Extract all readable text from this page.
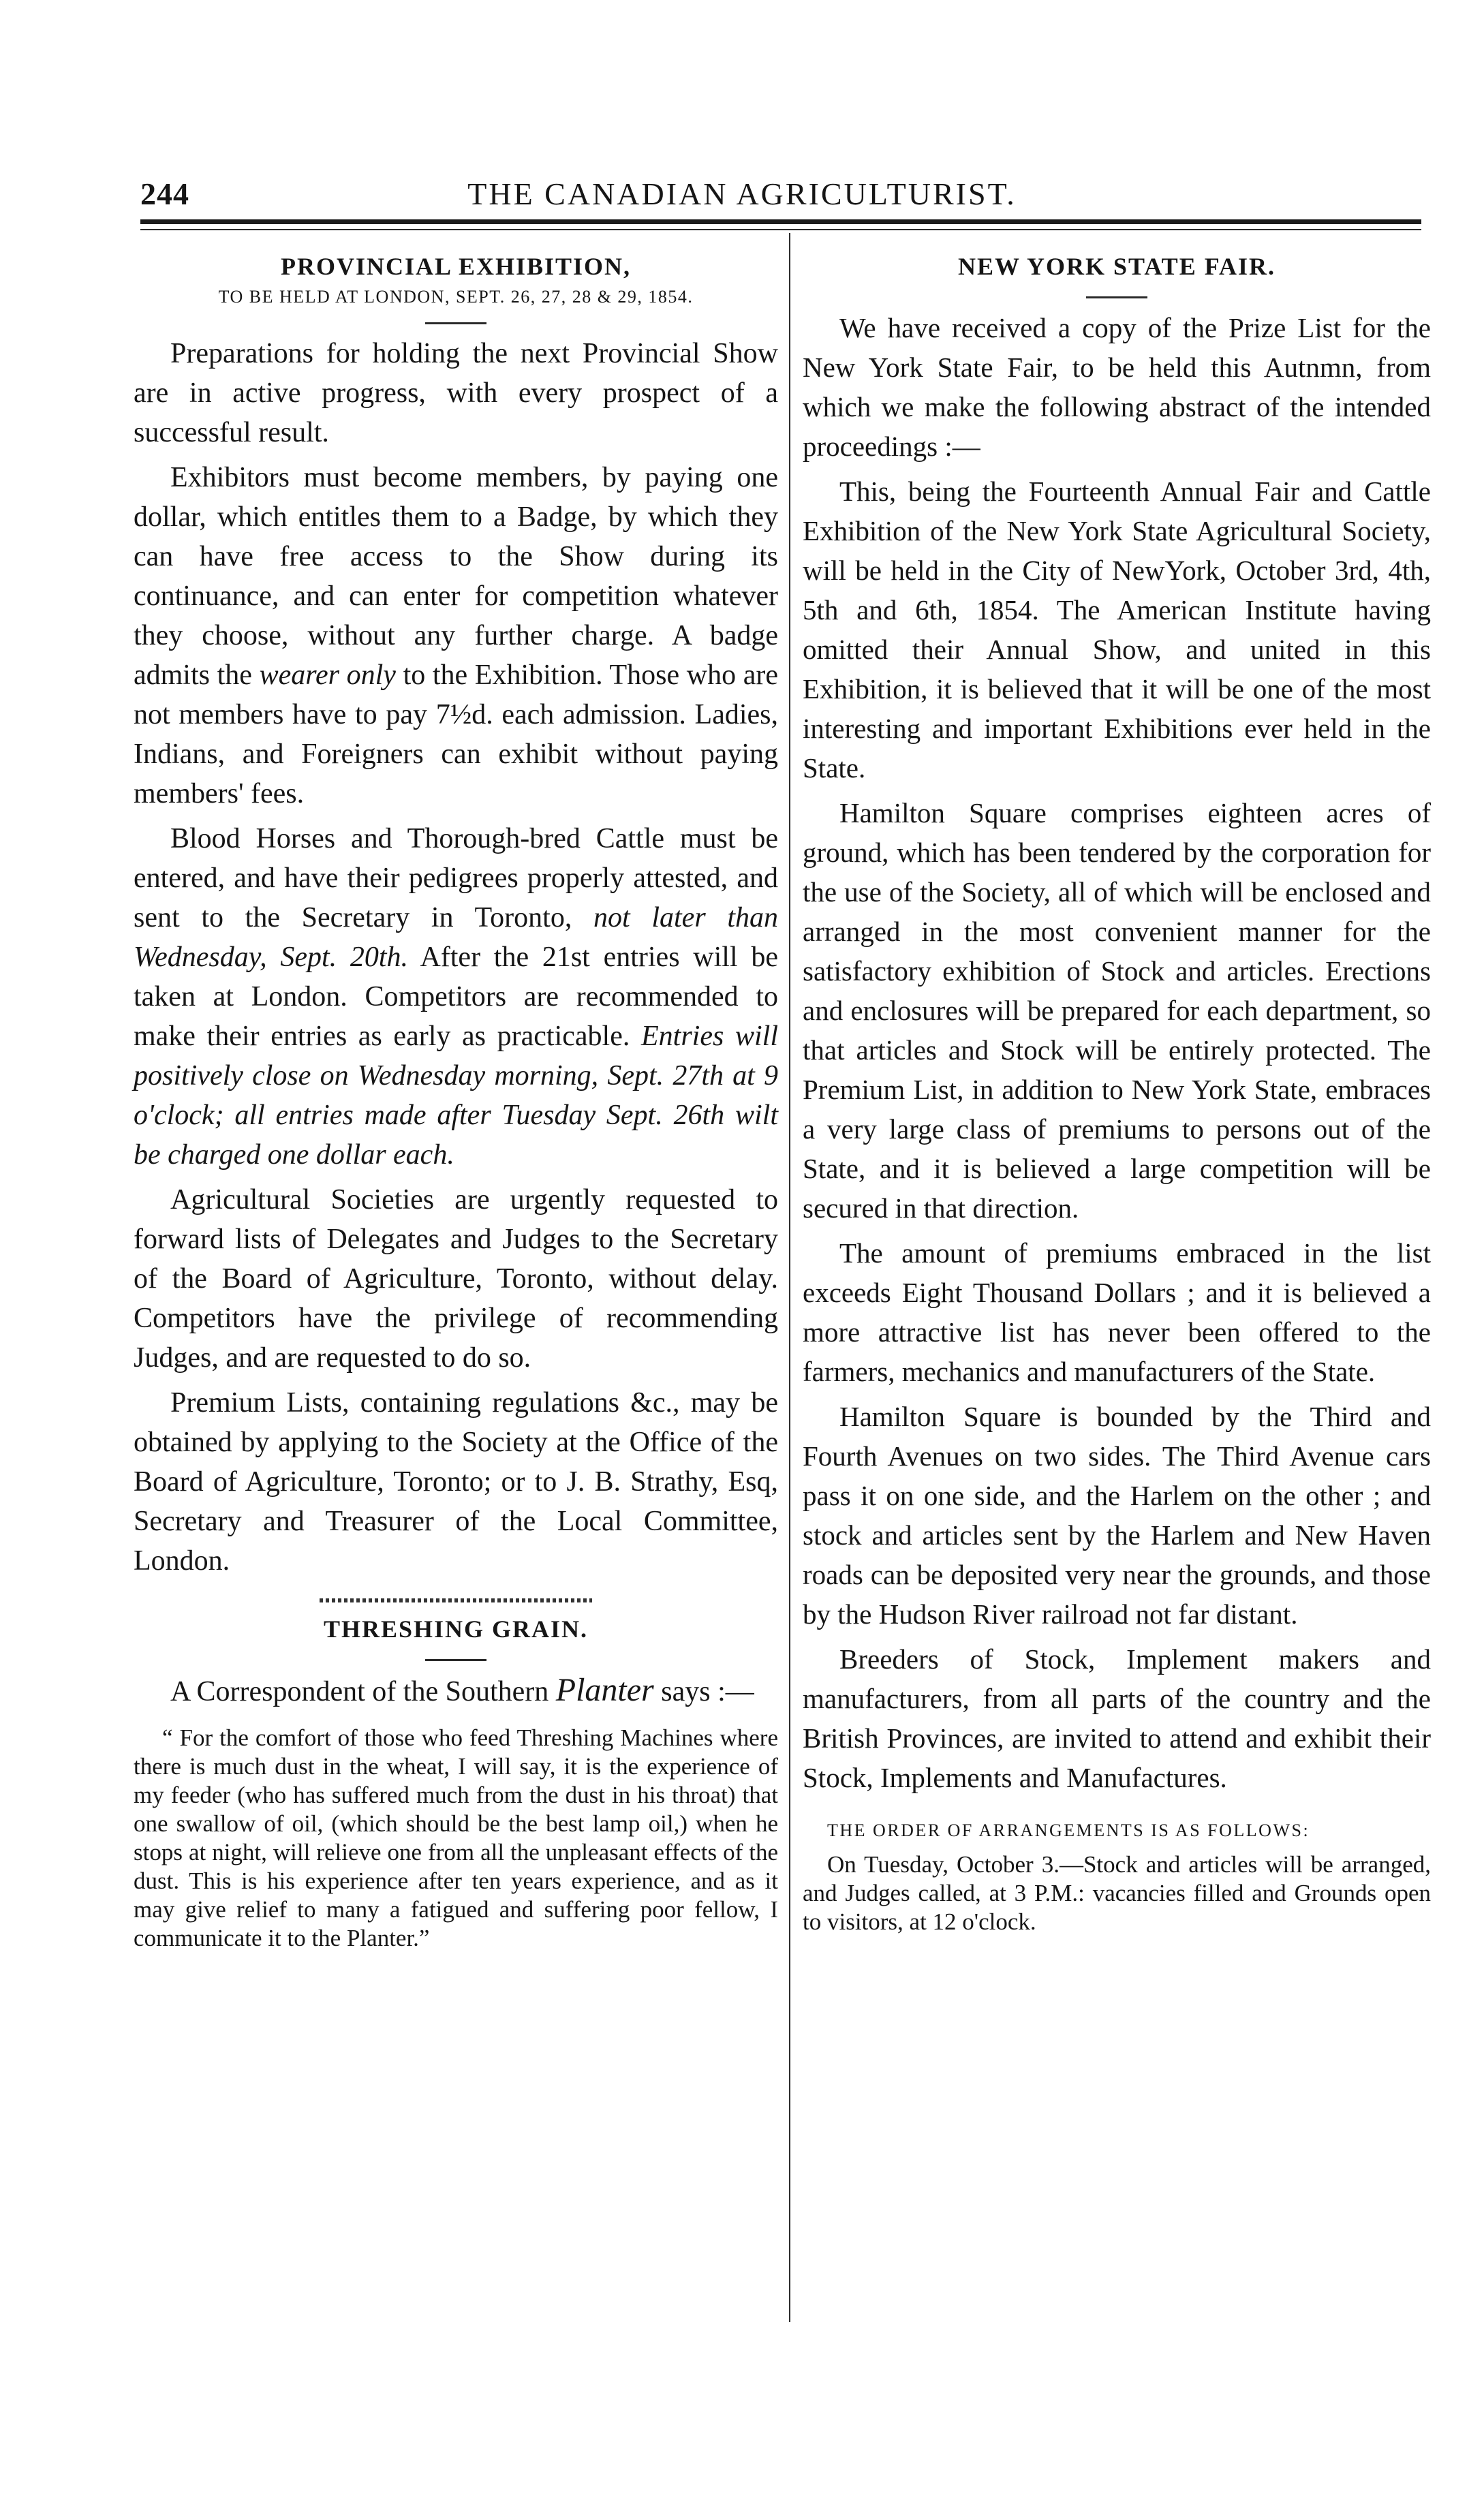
244	THE CANADIAN AGRICULTURIST.
PROVINCIAL EXHIBITION,
TO BE HELD AT LONDON, SEPT. 26, 27, 28 & 29, 1854.

Preparations for holding the next Provincial Show are in active progress, with every prospect of a successful result.

Exhibitors must become members, by paying one dollar, which entitles them to a Badge, by which they can have free access to the Show during its continuance, and can enter for competition whatever they choose, without any further charge. A badge admits the wearer only to the Exhibition. Those who are not members have to pay 7½d. each admission. Ladies, Indians, and Foreigners can exhibit without paying members' fees.

Blood Horses and Thorough-bred Cattle must be entered, and have their pedigrees properly attested, and sent to the Secretary in Toronto, not later than Wednesday, Sept. 20th. After the 21st entries will be taken at London. Competitors are recommended to make their entries as early as practicable. Entries will positively close on Wednesday morning, Sept. 27th at 9 o'clock; all entries made after Tuesday Sept. 26th wilt be charged one dollar each.

Agricultural Societies are urgently requested to forward lists of Delegates and Judges to the Secretary of the Board of Agriculture, Toronto, without delay. Competitors have the privilege of recommending Judges, and are requested to do so.

Premium Lists, containing regulations &c., may be obtained by applying to the Society at the Office of the Board of Agriculture, Toronto; or to J. B. Strathy, Esq, Secretary and Treasurer of the Local Committee, London.

THRESHING GRAIN.

A Correspondent of the Southern Planter says :—

“ For the comfort of those who feed Threshing Machines where there is much dust in the wheat, I will say, it is the experience of my feeder (who has suffered much from the dust in his throat) that one swallow of oil, (which should be the best lamp oil,) when he stops at night, will relieve one from all the unpleasant effects of the dust. This is his experience after ten years experience, and as it may give relief to many a fatigued and suffering poor fellow, I communicate it to the Planter.”

NEW YORK STATE FAIR.

We have received a copy of the Prize List for the New York State Fair, to be held this Autnmn, from which we make the following abstract of the intended proceedings :—

This, being the Fourteenth Annual Fair and Cattle Exhibition of the New York State Agricultural Society, will be held in the City of NewYork, October 3rd, 4th, 5th and 6th, 1854. The American Institute having omitted their Annual Show, and united in this Exhibition, it is believed that it will be one of the most interesting and important Exhibitions ever held in the State.

Hamilton Square comprises eighteen acres of ground, which has been tendered by the corporation for the use of the Society, all of which will be enclosed and arranged in the most convenient manner for the satisfactory exhibition of Stock and articles. Erections and enclosures will be prepared for each department, so that articles and Stock will be entirely protected. The Premium List, in addition to New York State, embraces a very large class of premiums to persons out of the State, and it is believed a large competition will be secured in that direction.

The amount of premiums embraced in the list exceeds Eight Thousand Dollars ; and it is believed a more attractive list has never been offered to the farmers, mechanics and manufacturers of the State.

Hamilton Square is bounded by the Third and Fourth Avenues on two sides. The Third Avenue cars pass it on one side, and the Harlem on the other ; and stock and articles sent by the Harlem and New Haven roads can be deposited very near the grounds, and those by the Hudson River railroad not far distant.

Breeders of Stock, Implement makers and manufacturers, from all parts of the country and the British Provinces, are invited to attend and exhibit their Stock, Implements and Manufactures.

THE ORDER OF ARRANGEMENTS IS AS FOLLOWS:

On Tuesday, October 3.—Stock and articles will be arranged, and Judges called, at 3 P.M.: vacancies filled and Grounds open to visitors, at 12 o'clock.
